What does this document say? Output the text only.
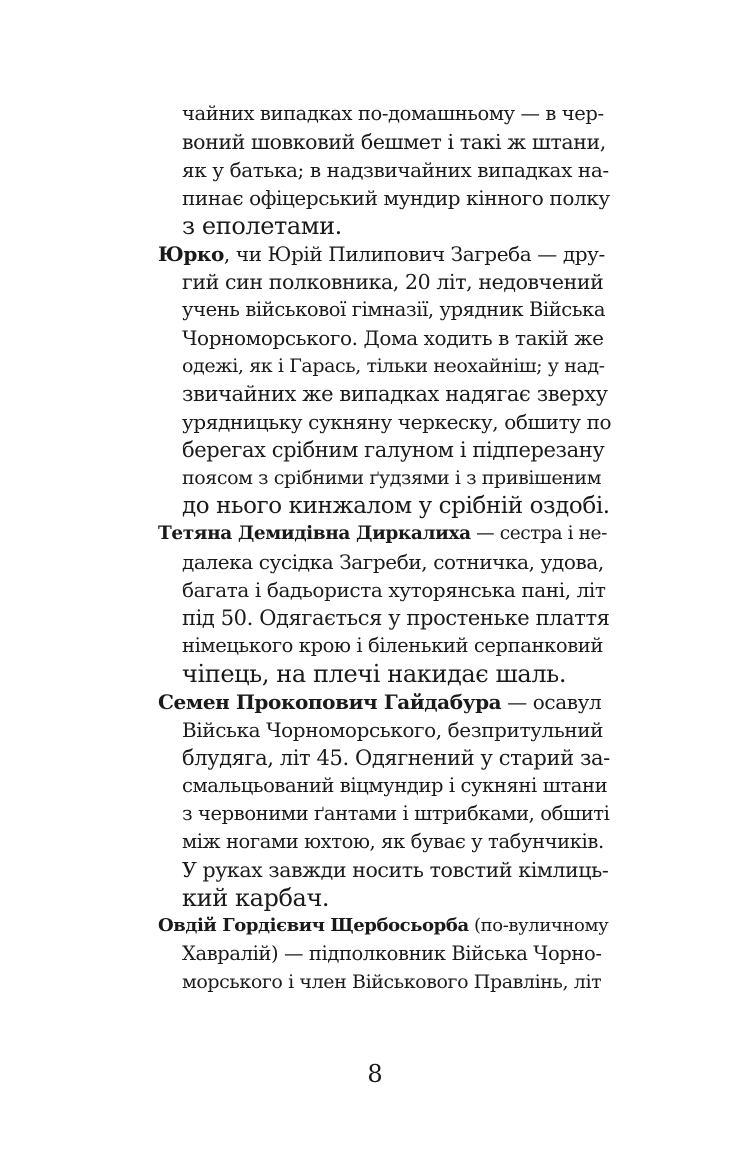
чайних випадках по-домашньому — в чер-
воний шовковий бешмет і такі ж штани,
як у батька; в надзвичайних випадках на-
пинає офіцерський мундир кінного полку
з еполетами.
Юрко, чи Юрій Пилипович Загреба — дру-
гий син полковника, 20 літ, недовчений
учень військової гімназії, урядник Війська
Чорноморського. Дома ходить в такій же
одежі, як і Гарась, тільки неохайніш; у над-
звичайних же випадках надягає зверху
урядницьку сукняну черкеску, обшиту по
берегах срібним галуном і підперезану
поясом з срібними ґудзями і з привішеним
до нього кинжалом у срібній оздобі.
Тетяна Демидівна Диркалиха — сестра і не-
далека сусідка Загреби, сотничка, удова,
багата і бадьориста хуторянська пані, літ
під 50. Одягається у простеньке плаття
німецького крою і біленький серпанковий
чіпець, на плечі накидає шаль.
Семен Прокопович Гайдабура — осавул
Війська Чорноморського, безпритульний
блудяга, літ 45. Одягнений у старий за-
смальцьований віцмундир і сукняні штани
з червоними ґантами і штрибками, обшиті
між ногами юхтою, як буває у табунчиків.
У руках завжди носить товстий кімлиць-
кий карбач.
Овдій Гордієвич Щербосьорба (по-вуличному
Хавралій) — підполковник Війська Чорно-
морського і член Військового Правлінь, літ
8
